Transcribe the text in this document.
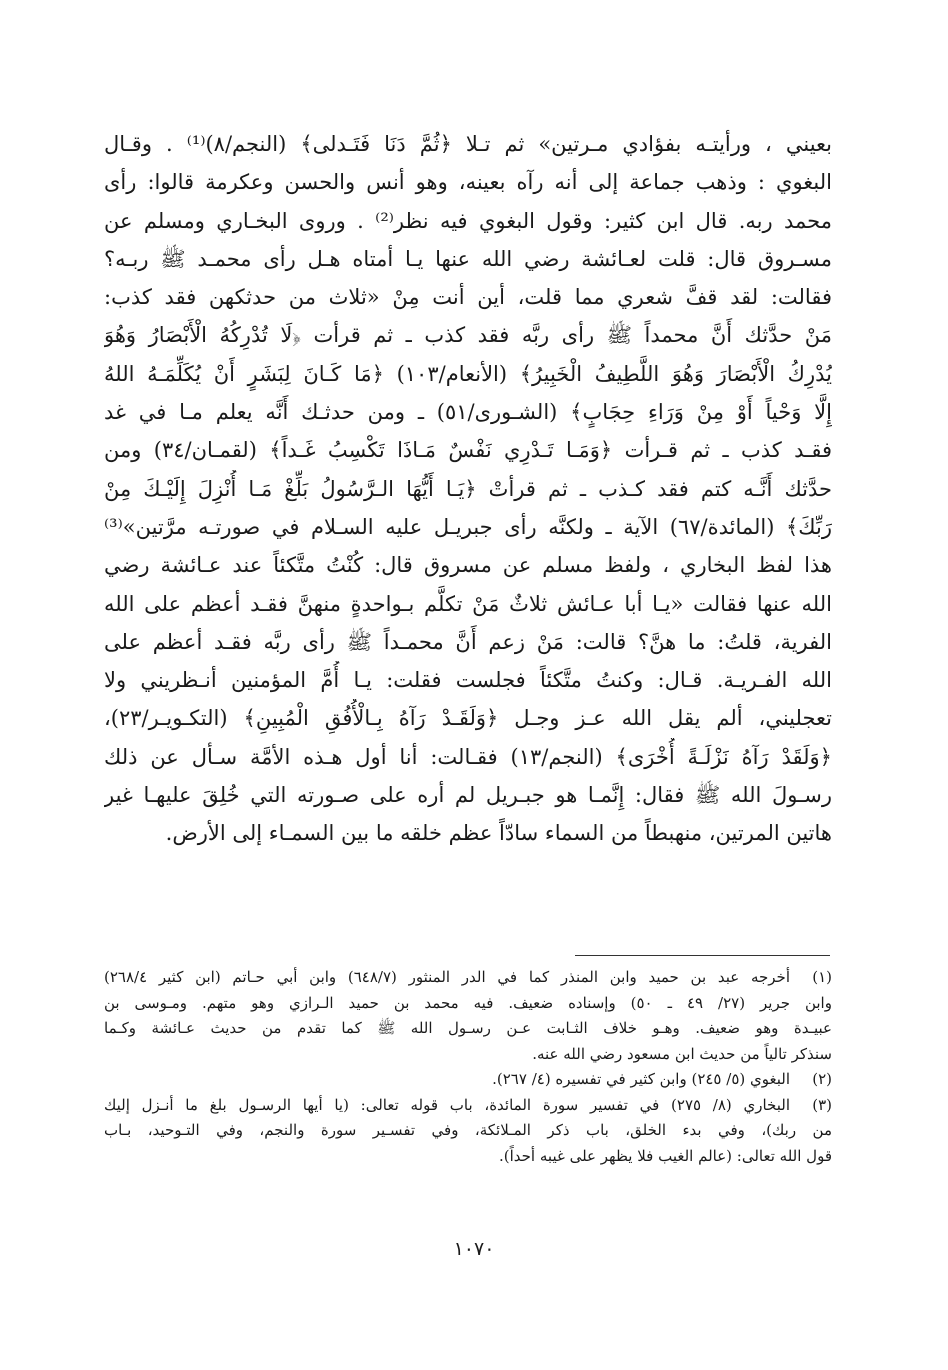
بعيني ، ورأيتـه بفؤادي مـرتين» ثم تـلا ﴿ثُمَّ دَنَا فَتَـدلى﴾ (النجم/٨)⁽¹⁾ . وقـال
البغوي : وذهب جماعة إلى أنه رآه بعينه، وهو أنس والحسن وعكرمة قالوا: رأى
محمد ربه. قال ابن كثير: وقول البغوي فيه نظر⁽²⁾ . وروى البخـاري ومسلم عن
مسـروق قال: قلت لعـائشة رضي الله عنها يـا أمتاه هـل رأى محمـد ﷺ ربـه؟
فقالت: لقد قفَّ شعري مما قلت، أين أنت مِنْ «ثلاث من حدثكهن فقد كذب:
مَنْ حدَّثك أَنَّ محمداً ﷺ رأى ربَّه فقد كذب ـ ثم قرأت ﴿لَا تُدْرِكُهُ الْأَبْصَارُ وَهُوَ
يُدْرِكُ الْأَبْصَارَ وَهُوَ اللَّطِيفُ الْخَبِيرُ﴾ (الأنعام/١٠٣) ﴿مَا كَـانَ لِبَشَرٍ أَنْ يُكَلِّمَـهُ اللهُ
إِلَّا وَحْياً أَوْ مِنْ وَرَاءِ حِجَابٍ﴾ (الشـورى/٥١) ـ ومن حدثـك أَنَّه يعلم مـا في غد
فقـد كذب ـ ثم قـرأت ﴿وَمَـا تَـدْرِي نَفْسٌ مَـاذَا تَكْسِبُ غَـداً﴾ (لقمـان/٣٤) ومن
حدَّثك أَنَّـه كتم فقد كـذب ـ ثم قرأتْ ﴿يَـا أَيُّهَا الـرَّسُولُ بَلِّغْ مَـا أُنْزِلَ إِلَيْـكَ مِنْ
رَبِّكَ﴾ (المائدة/٦٧) الآية ـ ولكنَّه رأى جبريـل عليه السـلام في صورتـه مرَّتين»⁽³⁾
هذا لفظ البخاري ، ولفظ مسلم عن مسروق قال: كُنْتُ متَّكئاً عند عـائشة رضي
الله عنها فقالت «يـا أبا عـائش ثلاثٌ مَنْ تكلَّم بـواحدةٍ منهنَّ فقـد أعظم على الله
الفرية، قلتُ: ما هنَّ؟ قالت: مَنْ زعم أَنَّ محمـداً ﷺ رأى ربَّه فقـد أعظم على
الله الفـريـة. قـال: وكنتُ متَّكئاً فجلست فقلت: يـا أُمَّ المؤمنين أنـظريني ولا
تعجليني، ألم يقل الله عـز وجـل ﴿وَلَقَـدْ رَآهُ بِـالْأُفُقِ الْمُبِينِ﴾ (التكـويـر/٢٣)،
﴿وَلَقَدْ رَآهُ نَزْلَـةً أُخْرَى﴾ (النجم/١٣) فقـالت: أنا أول هـذه الأمَّة سـأل عن ذلك
رسـولَ الله ﷺ فقال: إِنَّمـا هو جبـريل لم أره على صـورته التي خُلِقَ عليهـا غير
هاتين المرتين، منهبطاً من السماء سادّاً عظم خلقه ما بين السمـاء إلى الأرض.
(١)
أخرجه عبد بن حميد وابن المنذر كما في الدر المنثور (٦٤٨/٧) وابن أبي حـاتم (ابن كثير ٢٦٨/٤)
وابن جرير (٢٧/ ٤٩ ـ ٥٠) وإسناده ضعيف. فيه محمد بن حميد الـرازي وهو متهم. ومـوسى بن
عبيـدة وهو ضعيف. وهـو خلاف الثـابت عـن رسـول الله ﷺ كما تقدم من حديث عـائشة وكـما
سنذكر تالياً من حديث ابن مسعود رضي الله عنه.
(٢)
البغوي (٥/ ٢٤٥) وابن كثير في تفسيره (٤/ ٢٦٧).
(٣)
البخاري (٨/ ٢٧٥) في تفسير سورة المائدة، باب قوله تعالى: (يا أيها الرسـول بلغ ما أنـزل إليك
من ربك)، وفي بدء الخلق، باب ذكر المـلائكة، وفي تفسـير سورة والنجم، وفي التـوحيد، بـاب
قول الله تعالى: (عالم الغيب فلا يظهر على غيبه أحداً).
١٠٧٠
